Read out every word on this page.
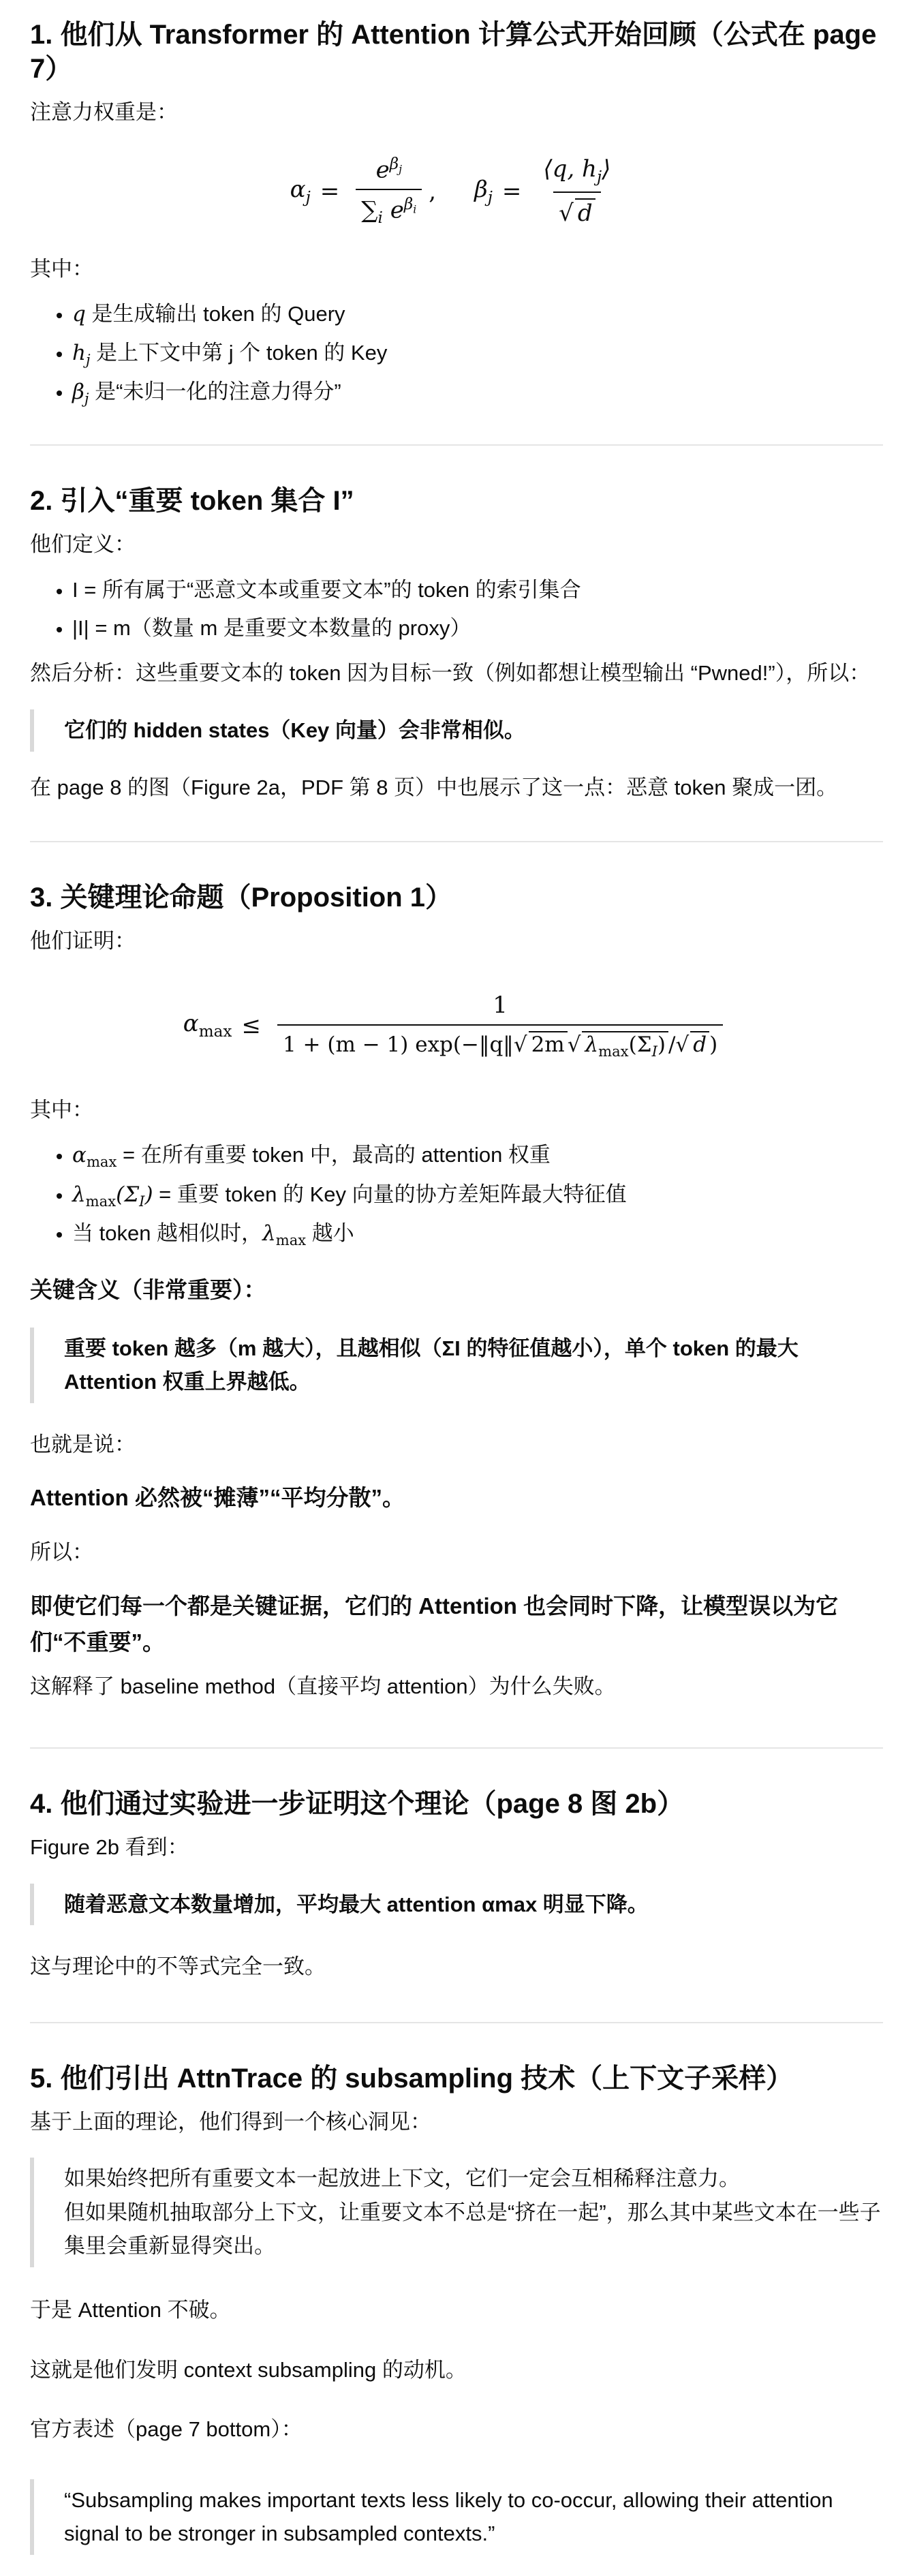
1. 他们从 Transformer 的 Attention 计算公式开始回顾（公式在 page 7）

注意力权重是：

$\alpha_j = \frac{e^{\beta_j}}{\sum_i e^{\beta_i}}$ , $\beta_j = \frac{⟨q, h_j⟩}{√ d}$

其中：

• q 是生成输出 token 的 Query
• $h_j$ 是上下文中第 j 个 token 的 Key
• $\beta_j$ 是“未归一化的注意力得分”
2. 引入“重要 token 集合 I”

他们定义：

• I = 所有属于“恶意文本或重要文本”的 token 的索引集合
• |I| = m（数量 m 是重要文本数量的 proxy）

然后分析：这些重要文本的 token 因为目标一致（例如都想让模型输出 “Pwned!”），所以：

它们的 hidden states（Key 向量）会非常相似。

在 page 8 的图（Figure 2a，PDF 第 8 页）中也展示了这一点：恶意 token 聚成一团。

3. 关键理论命题（Proposition 1）

他们证明：

$\alpha_{max} \le \frac{1}{1 + (m - 1) \exp(-‖q‖√ 2m √ \lambda_{max}(\Sigma_I) /√ d )}$

其中：

• $\alpha_{max}$ = 在所有重要 token 中，最高的 attention 权重
• $\lambda_{max}(\Sigma_I)$ = 重要 token 的 Key 向量的协方差矩阵最大特征值
• 当 token 越相似时，$\lambda_{max}$ 越小

关键含义（非常重要）：

重要 token 越多（m 越大），且越相似（ΣI 的特征值越小），单个 token 的最大

Attention 权重上界越低。

也就是说：

Attention 必然被“摊薄”“平均分散”。

所以：

即使它们每一个都是关键证据，它们的 Attention 也会同时下降，让模型误以为它们“不重要”。

这解释了 baseline method（直接平均 attention）为什么失败。

4. 他们通过实验进一步证明这个理论（page 8 图 2b）

Figure 2b 看到：

随着恶意文本数量增加，平均最大 attention αmax 明显下降。

这与理论中的不等式完全一致。

5. 他们引出 AttnTrace 的 subsampling 技术（上下文子采样）

基于上面的理论，他们得到一个核心洞见：

如果始终把所有重要文本一起放进上下文，它们一定会互相稀释注意力。

但如果随机抽取部分上下文，让重要文本不总是“挤在一起”，那么其中某些文本在一些子集里会重新显得突出。

于是 Attention 不破。

这就是他们发明 context subsampling 的动机。

官方表述（page 7 bottom）：

“Subsampling makes important texts less likely to co-occur, allowing their attention signal to be stronger in subsampled contexts.”
